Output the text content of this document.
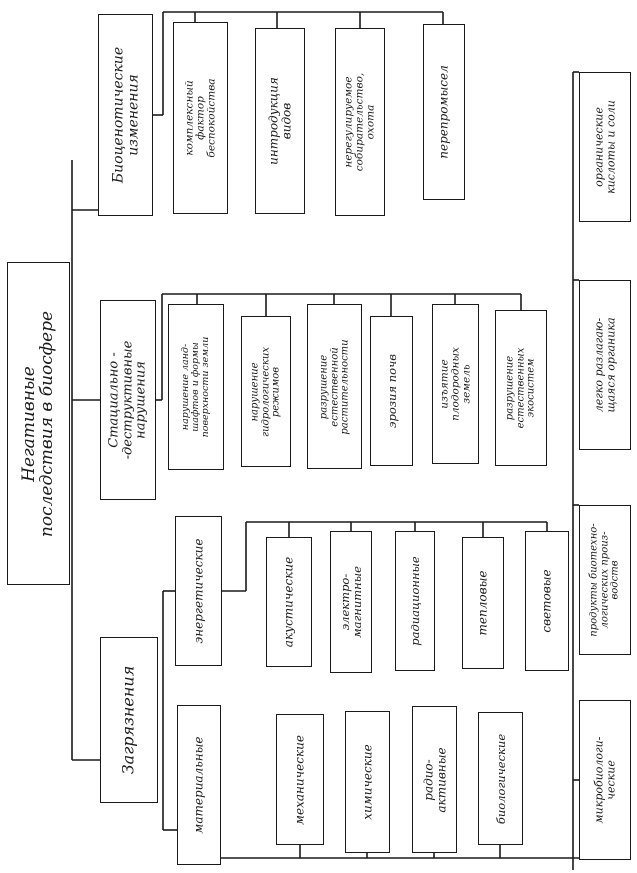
Негативные
последствия в биосфере
Биоценотические
изменения	комплексный
фактор
беспокойства	интродукция
видов	нерегулируемое
собирательство,
охота	перепромысел
Стациально -
-деструктивные
нарушения	нарушение ланд-
шафтов и формы
поверхности земли
нарушение
гидрологических
режимов	разрушение
естественной
растительности	эрозия почв	изъятие
плодородных
земель	разрушение
естественных
экосистем
Загрязнения
энергетические	акустические	электро-
магнитные	радиационные	тепловые	световые
материальные	механические	химические	радио-
активные	биологические
органические
кислоты и соли
легко разлагаю-
щаяся органика
продукты биотехно-
логических произ-
водств
микробиологи-
ческие
